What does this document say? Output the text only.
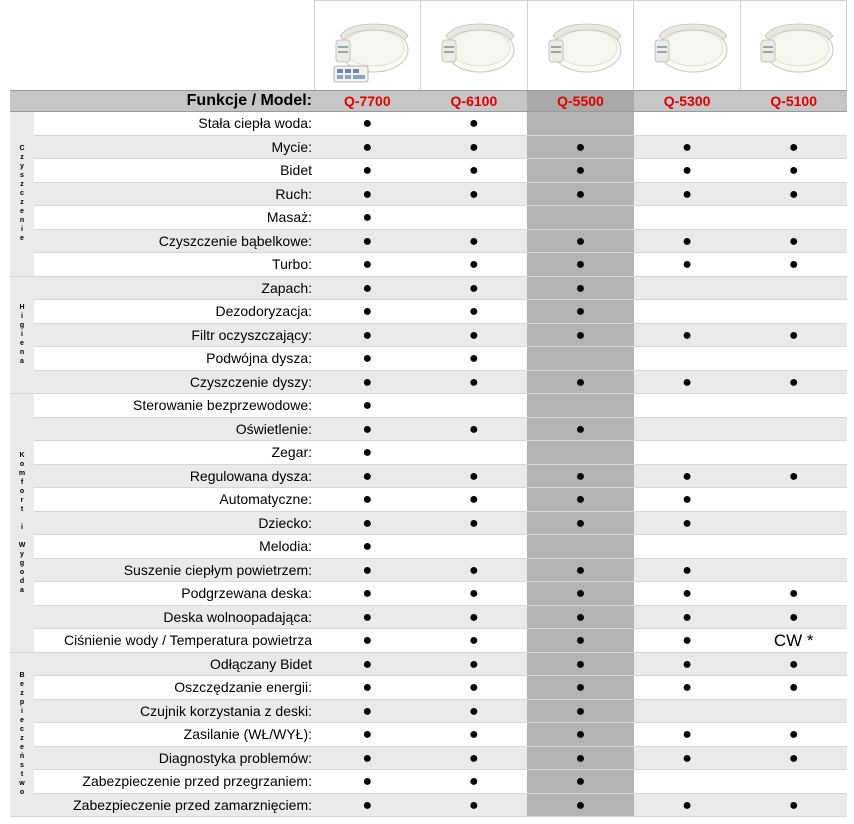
Funkcje / Model:	Q-7700	Q-6100	Q-5500	Q-5300	Q-5100
Stała ciepła woda:	●	●
Mycie:	●	●	●	●	●
Bidet	●	●	●	●	●
Ruch:	●	●	●	●	●
Masaż:	●
Czyszczenie bąbelkowe:	●	●	●	●	●
Turbo:	●	●	●	●	●
Zapach:	●	●	●
Dezodoryzacja:	●	●	●
Filtr oczyszczający:	●	●	●	●	●
Podwójna dysza:	●	●
Czyszczenie dyszy:	●	●	●	●	●
Sterowanie bezprzewodowe:	●
Oświetlenie:	●	●	●
Zegar:	●
Regulowana dysza:	●	●	●	●	●
Automatyczne:	●	●	●	●
Dziecko:	●	●	●	●
Melodia:	●
Suszenie ciepłym powietrzem:	●	●	●	●
Podgrzewana deska:	●	●	●	●	●
Deska wolnoopadająca:	●	●	●	●	●
Ciśnienie wody / Temperatura powietrza	●	●	●	●	CW *
Odłączany Bidet	●	●	●	●	●
Oszczędzanie energii:	●	●	●	●	●
Czujnik korzystania z deski:	●	●	●
Zasilanie (WŁ/WYŁ):	●	●	●	●	●
Diagnostyka problemów:	●	●	●	●	●
Zabezpieczenie przed przegrzaniem:	●	●	●
Zabezpieczenie przed zamarznięciem:	●	●	●	●	●
C
z
y
s
z
c
z
e
n
i
e
H
i
g
i
e
n
a
K
o
m
f
o
r
t

i

W
y
g
o
d
a
B
e
z
p
i
e
c
z
e
ń
s
t
w
o
